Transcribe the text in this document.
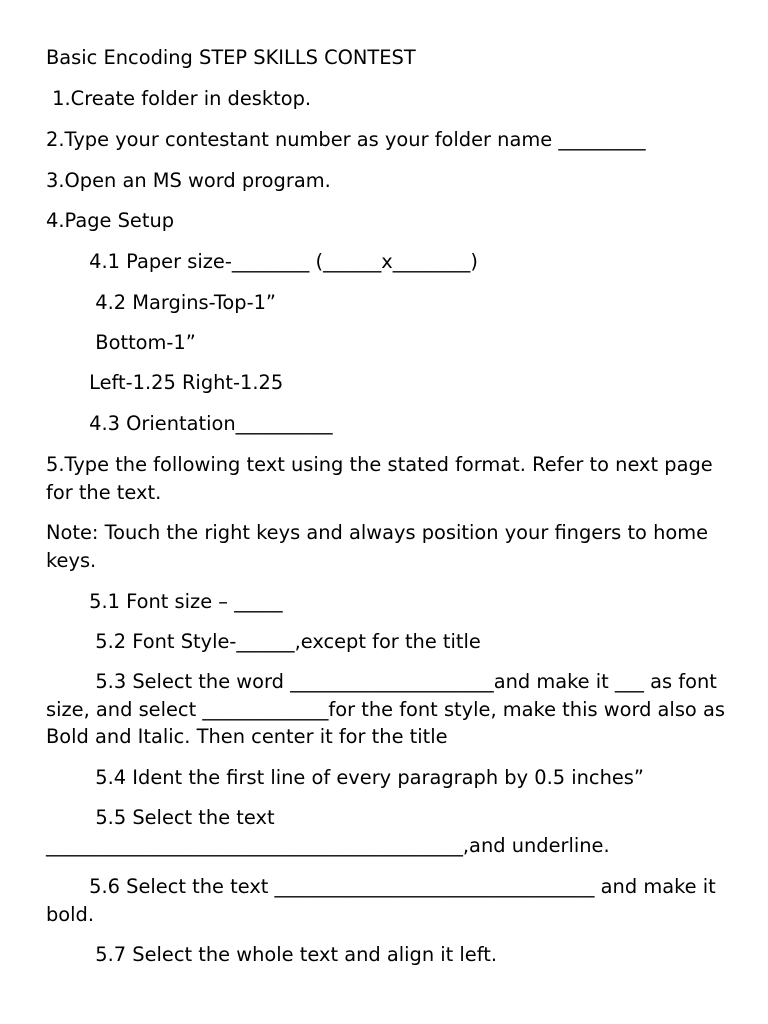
Basic Encoding STEP SKILLS CONTEST

1.Create folder in desktop.

2.Type your contestant number as your folder name _________

3.Open an MS word program.

4.Page Setup

4.1 Paper size-________ (______x________)

4.2 Margins-Top-1”

Bottom-1”

Left-1.25 Right-1.25

4.3 Orientation__________

5.Type the following text using the stated format. Refer to next page for the text.

Note: Touch the right keys and always position your fingers to home keys.

5.1 Font size – _____

5.2 Font Style-______,except for the title

5.3 Select the word _____________________and make it ___ as font size, and select _____________for the font style, make this word also as Bold and Italic. Then center it for the title

5.4 Ident the first line of every paragraph by 0.5 inches”

5.5 Select the text ___________________________________________,and underline.

5.6 Select the text _________________________________ and make it bold.

5.7 Select the whole text and align it left.
